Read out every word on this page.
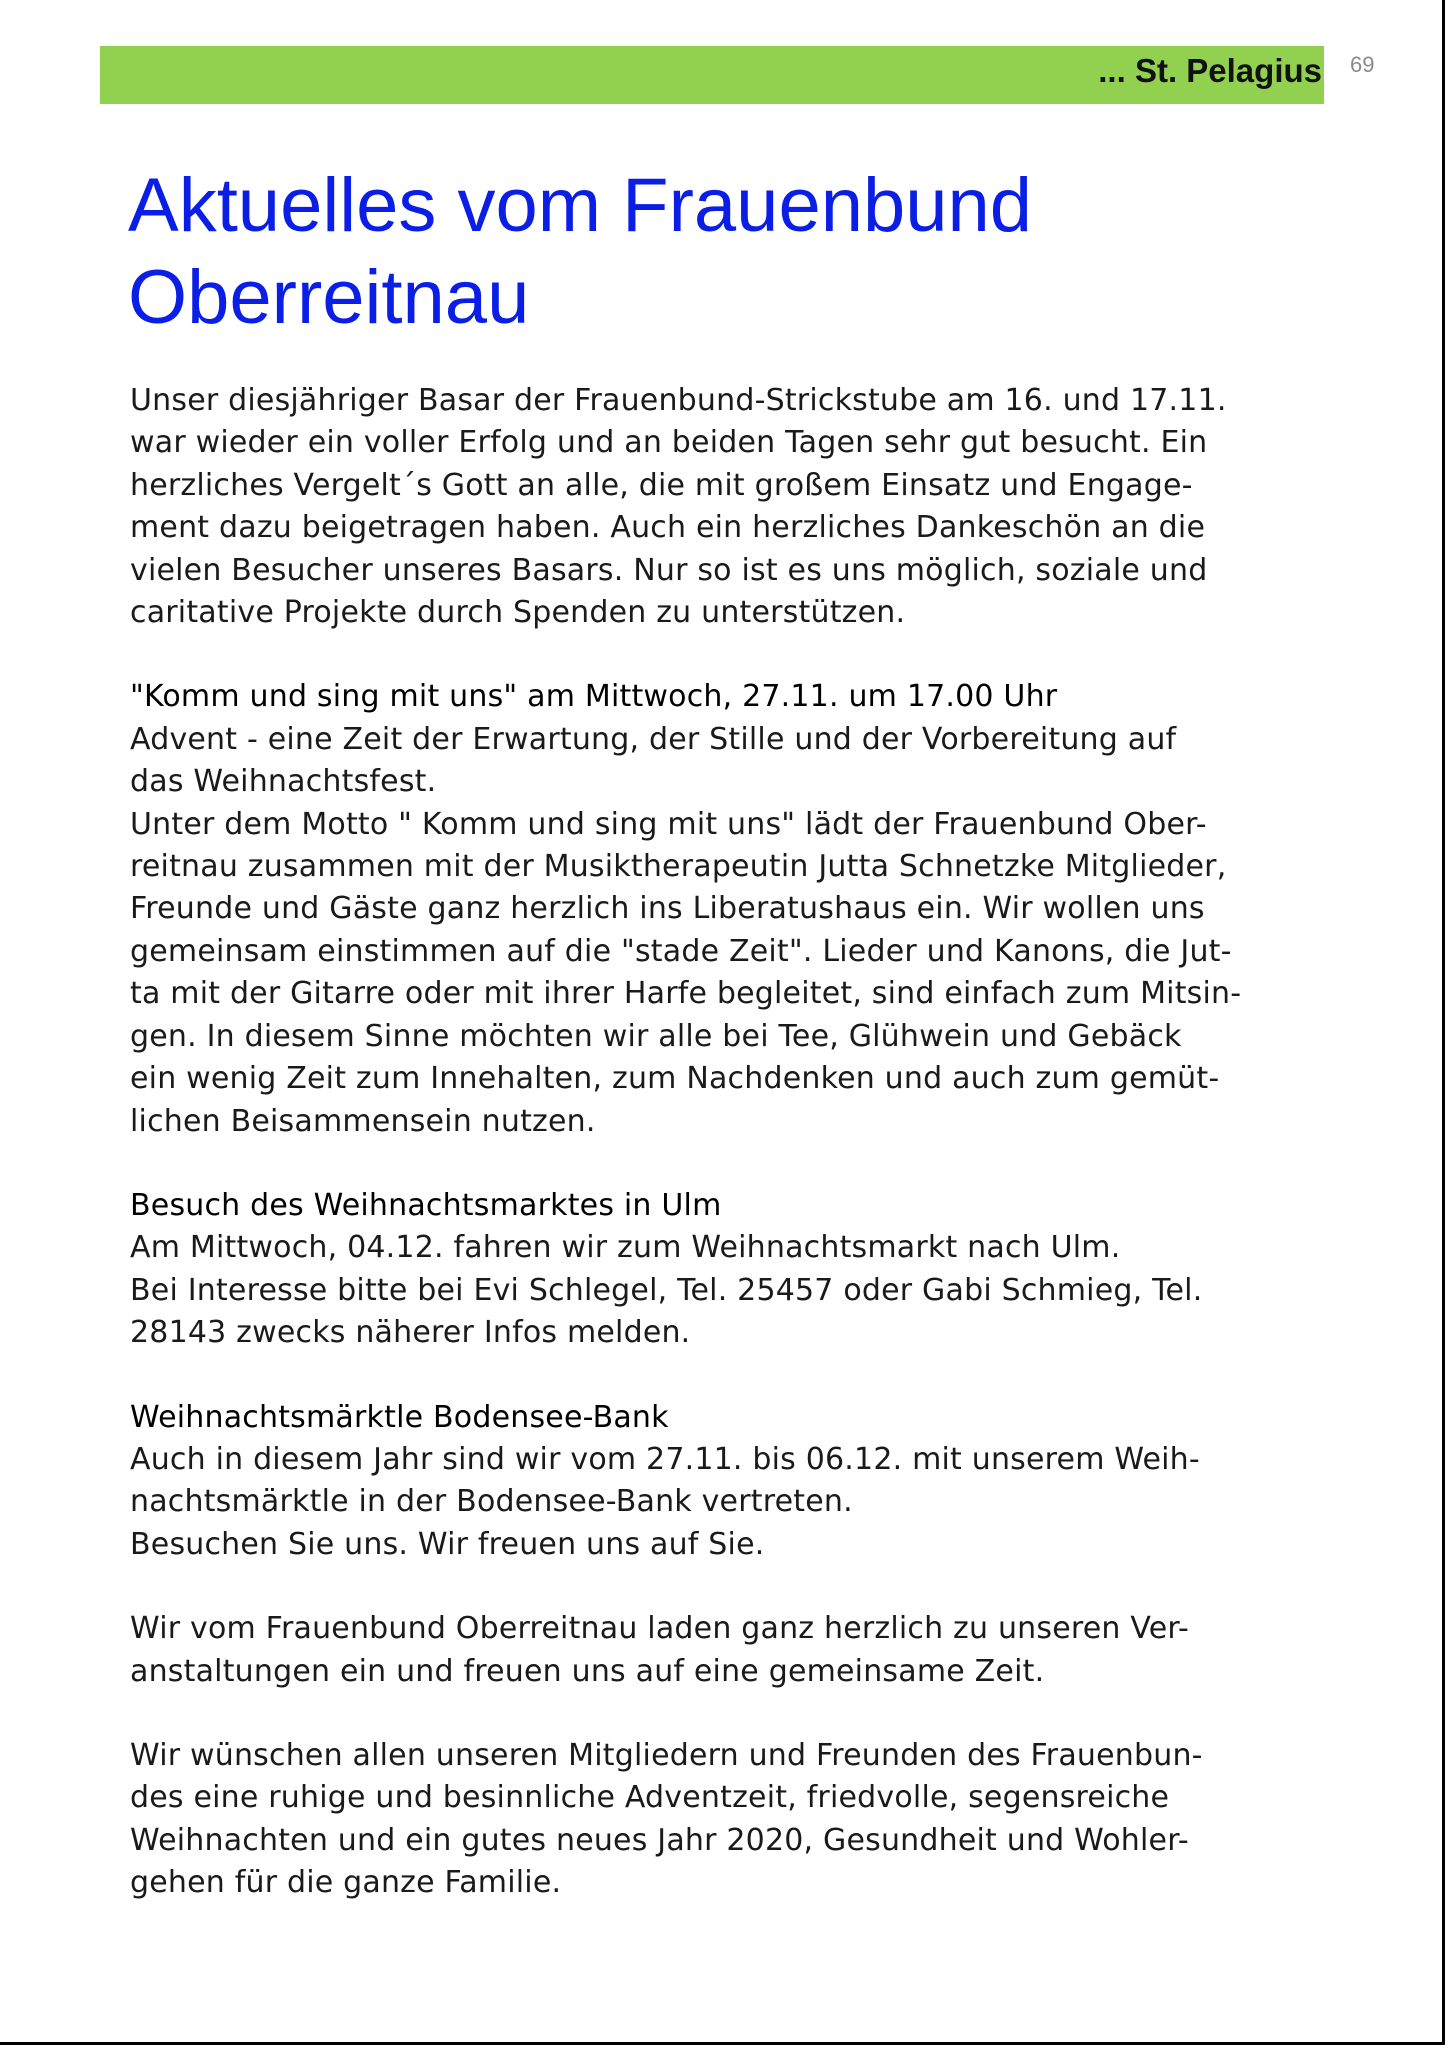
... St. Pelagius 69
Aktuelles vom Frauenbund
Oberreitnau

Unser diesjähriger Basar der Frauenbund-Strickstube am 16. und 17.11.
war wieder ein voller Erfolg und an beiden Tagen sehr gut besucht. Ein
herzliches Vergelt´s Gott an alle, die mit großem Einsatz und Engage-
ment dazu beigetragen haben. Auch ein herzliches Dankeschön an die
vielen Besucher unseres Basars. Nur so ist es uns möglich, soziale und
caritative Projekte durch Spenden zu unterstützen.

"Komm und sing mit uns" am Mittwoch, 27.11. um 17.00 Uhr
Advent - eine Zeit der Erwartung, der Stille und der Vorbereitung auf
das Weihnachtsfest.
Unter dem Motto " Komm und sing mit uns" lädt der Frauenbund Ober-
reitnau zusammen mit der Musiktherapeutin Jutta Schnetzke Mitglieder,
Freunde und Gäste ganz herzlich ins Liberatushaus ein. Wir wollen uns
gemeinsam einstimmen auf die "stade Zeit". Lieder und Kanons, die Jut-
ta mit der Gitarre oder mit ihrer Harfe begleitet, sind einfach zum Mitsin-
gen. In diesem Sinne möchten wir alle bei Tee, Glühwein und Gebäck
ein wenig Zeit zum Innehalten, zum Nachdenken und auch zum gemüt-
lichen Beisammensein nutzen.

Besuch des Weihnachtsmarktes in Ulm
Am Mittwoch, 04.12. fahren wir zum Weihnachtsmarkt nach Ulm.
Bei Interesse bitte bei Evi Schlegel, Tel. 25457 oder Gabi Schmieg, Tel.
28143 zwecks näherer Infos melden.

Weihnachtsmärktle Bodensee-Bank
Auch in diesem Jahr sind wir vom 27.11. bis 06.12. mit unserem Weih-
nachtsmärktle in der Bodensee-Bank vertreten.
Besuchen Sie uns. Wir freuen uns auf Sie.

Wir vom Frauenbund Oberreitnau laden ganz herzlich zu unseren Ver-
anstaltungen ein und freuen uns auf eine gemeinsame Zeit.

Wir wünschen allen unseren Mitgliedern und Freunden des Frauenbun-
des eine ruhige und besinnliche Adventzeit, friedvolle, segensreiche
Weihnachten und ein gutes neues Jahr 2020, Gesundheit und Wohler-
gehen für die ganze Familie.
